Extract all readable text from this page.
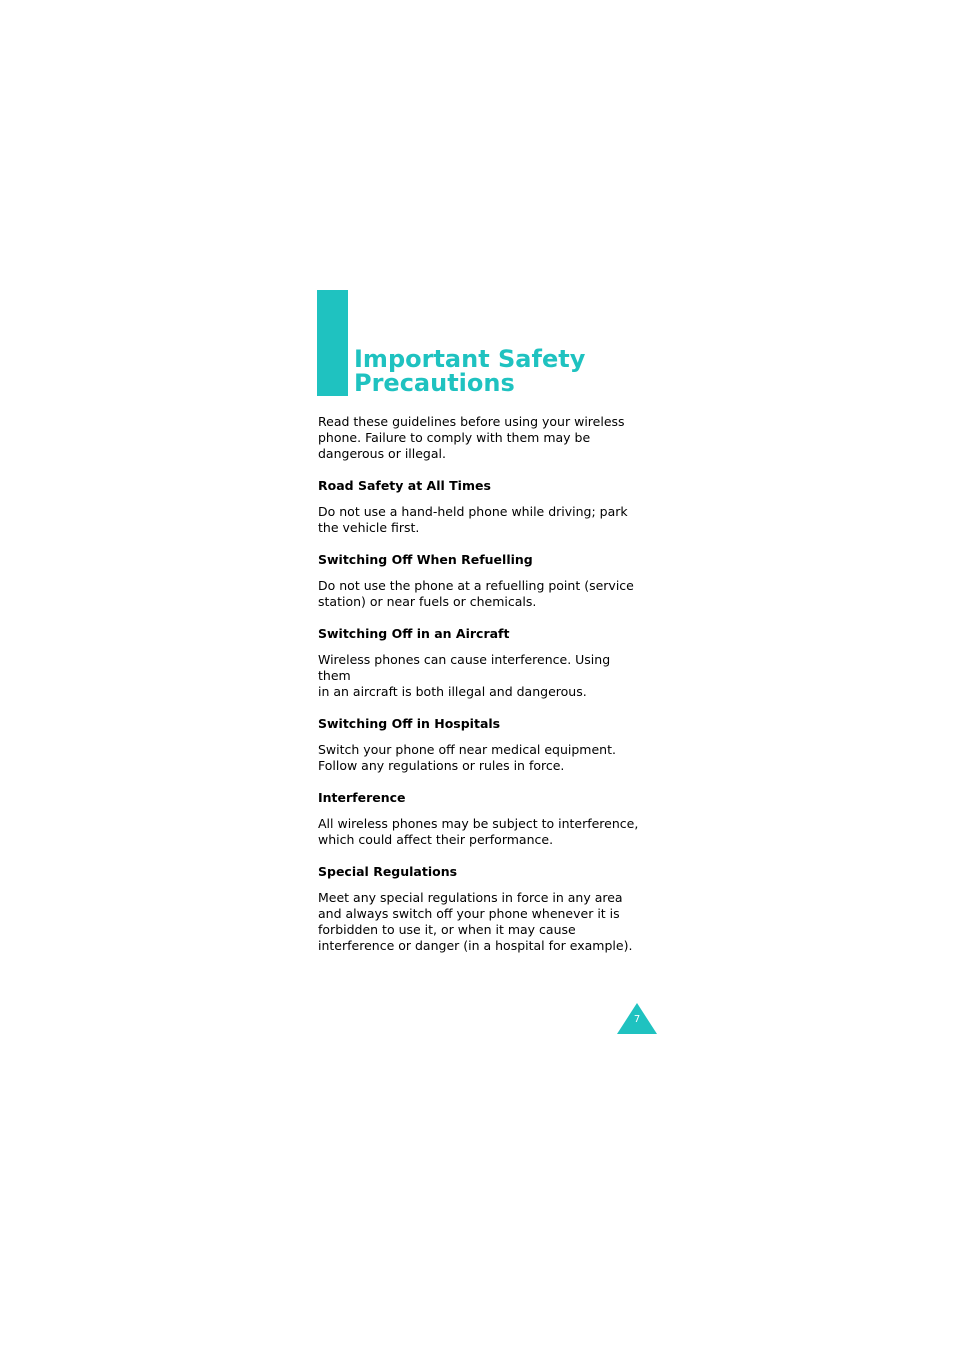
Important Safety
Precautions

Read these guidelines before using your wireless
phone. Failure to comply with them may be
dangerous or illegal.

Road Safety at All Times

Do not use a hand-held phone while driving; park
the vehicle first.

Switching Off When Refuelling

Do not use the phone at a refuelling point (service
station) or near fuels or chemicals.

Switching Off in an Aircraft

Wireless phones can cause interference. Using them
in an aircraft is both illegal and dangerous.

Switching Off in Hospitals

Switch your phone off near medical equipment.
Follow any regulations or rules in force.

Interference

All wireless phones may be subject to interference,
which could affect their performance.

Special Regulations

Meet any special regulations in force in any area
and always switch off your phone whenever it is
forbidden to use it, or when it may cause
interference or danger (in a hospital for example).

7
